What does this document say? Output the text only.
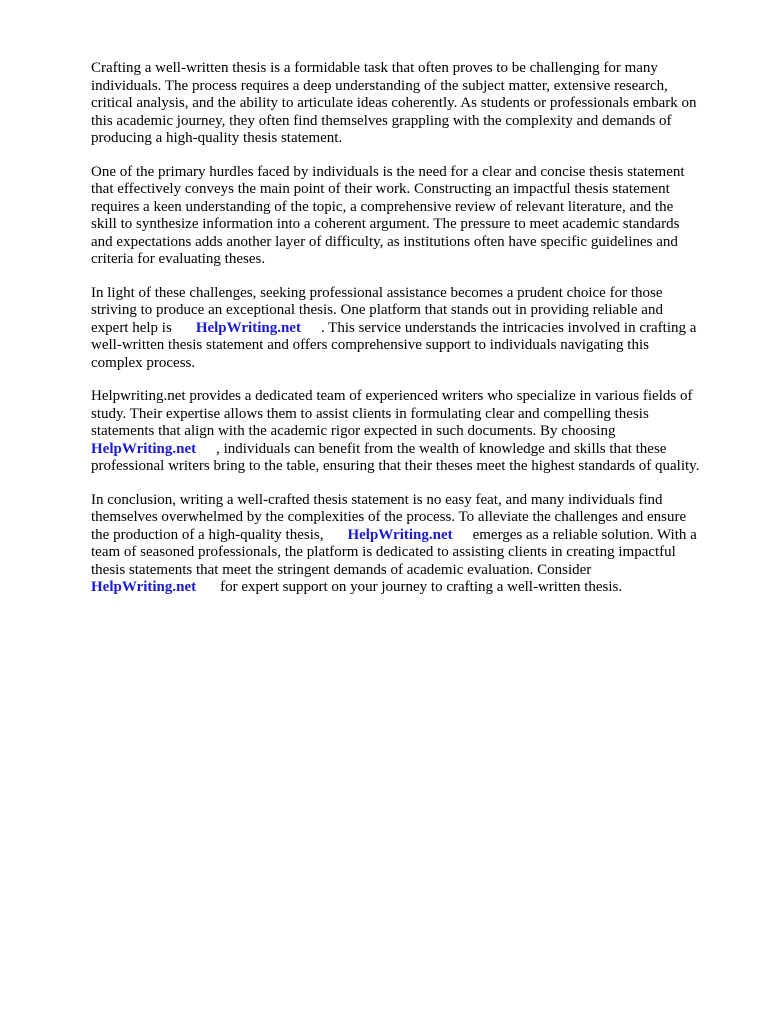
Crafting a well-written thesis is a formidable task that often proves to be challenging for many
individuals. The process requires a deep understanding of the subject matter, extensive research,
critical analysis, and the ability to articulate ideas coherently. As students or professionals embark on
this academic journey, they often find themselves grappling with the complexity and demands of
producing a high-quality thesis statement.

One of the primary hurdles faced by individuals is the need for a clear and concise thesis statement
that effectively conveys the main point of their work. Constructing an impactful thesis statement
requires a keen understanding of the topic, a comprehensive review of relevant literature, and the
skill to synthesize information into a coherent argument. The pressure to meet academic standards
and expectations adds another layer of difficulty, as institutions often have specific guidelines and
criteria for evaluating theses.

In light of these challenges, seeking professional assistance becomes a prudent choice for those
striving to produce an exceptional thesis. One platform that stands out in providing reliable and
expert help is HelpWriting.net . This service understands the intricacies involved in crafting a
well-written thesis statement and offers comprehensive support to individuals navigating this
complex process.

Helpwriting.net provides a dedicated team of experienced writers who specialize in various fields of
study. Their expertise allows them to assist clients in formulating clear and compelling thesis
statements that align with the academic rigor expected in such documents. By choosing
HelpWriting.net , individuals can benefit from the wealth of knowledge and skills that these
professional writers bring to the table, ensuring that their theses meet the highest standards of quality.

In conclusion, writing a well-crafted thesis statement is no easy feat, and many individuals find
themselves overwhelmed by the complexities of the process. To alleviate the challenges and ensure
the production of a high-quality thesis, HelpWriting.net emerges as a reliable solution. With a
team of seasoned professionals, the platform is dedicated to assisting clients in creating impactful
thesis statements that meet the stringent demands of academic evaluation. Consider
HelpWriting.net for expert support on your journey to crafting a well-written thesis.
